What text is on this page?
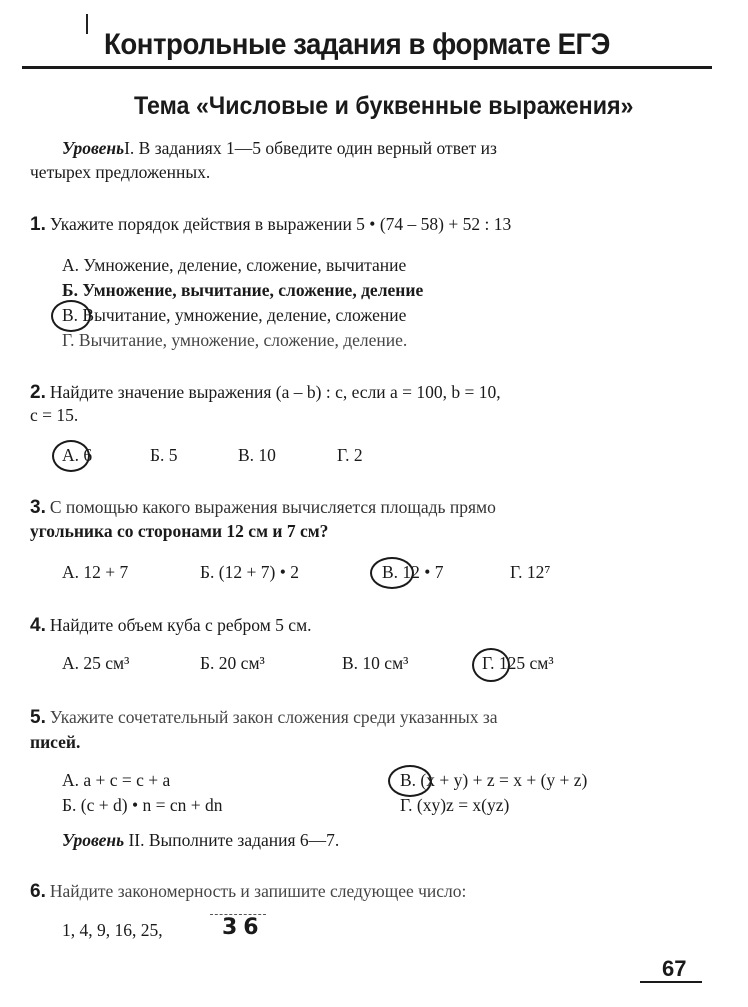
Контрольные задания в формате ЕГЭ
Тема «Числовые и буквенные выражения»
УровеньI. В заданиях 1—5 обведите один верный ответ из
четырех предложенных.
1. Укажите порядок действия в выражении 5 • (74 – 58) + 52 : 13
А. Умножение, деление, сложение, вычитание
Б. Умножение, вычитание, сложение, деление
В. Вычитание, умножение, деление, сложение
Г. Вычитание, умножение, сложение, деление.
2. Найдите значение выражения (a – b) : c, если a = 100, b = 10,
c = 15.
А. 6	Б. 5	В. 10	Г. 2
3. С помощью какого выражения вычисляется площадь прямо
угольника со сторонами 12 см и 7 см?
А. 12 + 7	Б. (12 + 7) • 2	В. 12 • 7	Г. 12⁷
4. Найдите объем куба с ребром 5 см.
А. 25 см³	Б. 20 см³	В. 10 см³	Г. 125 см³
5. Укажите сочетательный закон сложения среди указанных за
писей.
А. a + c = c + a	В. (x + y) + z = x + (y + z)
Б. (c + d) • n = cn + dn	Г. (xy)z = x(yz)
Уровень II. Выполните задания 6—7.
6. Найдите закономерность и запишите следующее число:
1, 4, 9, 16, 25,	36
67
